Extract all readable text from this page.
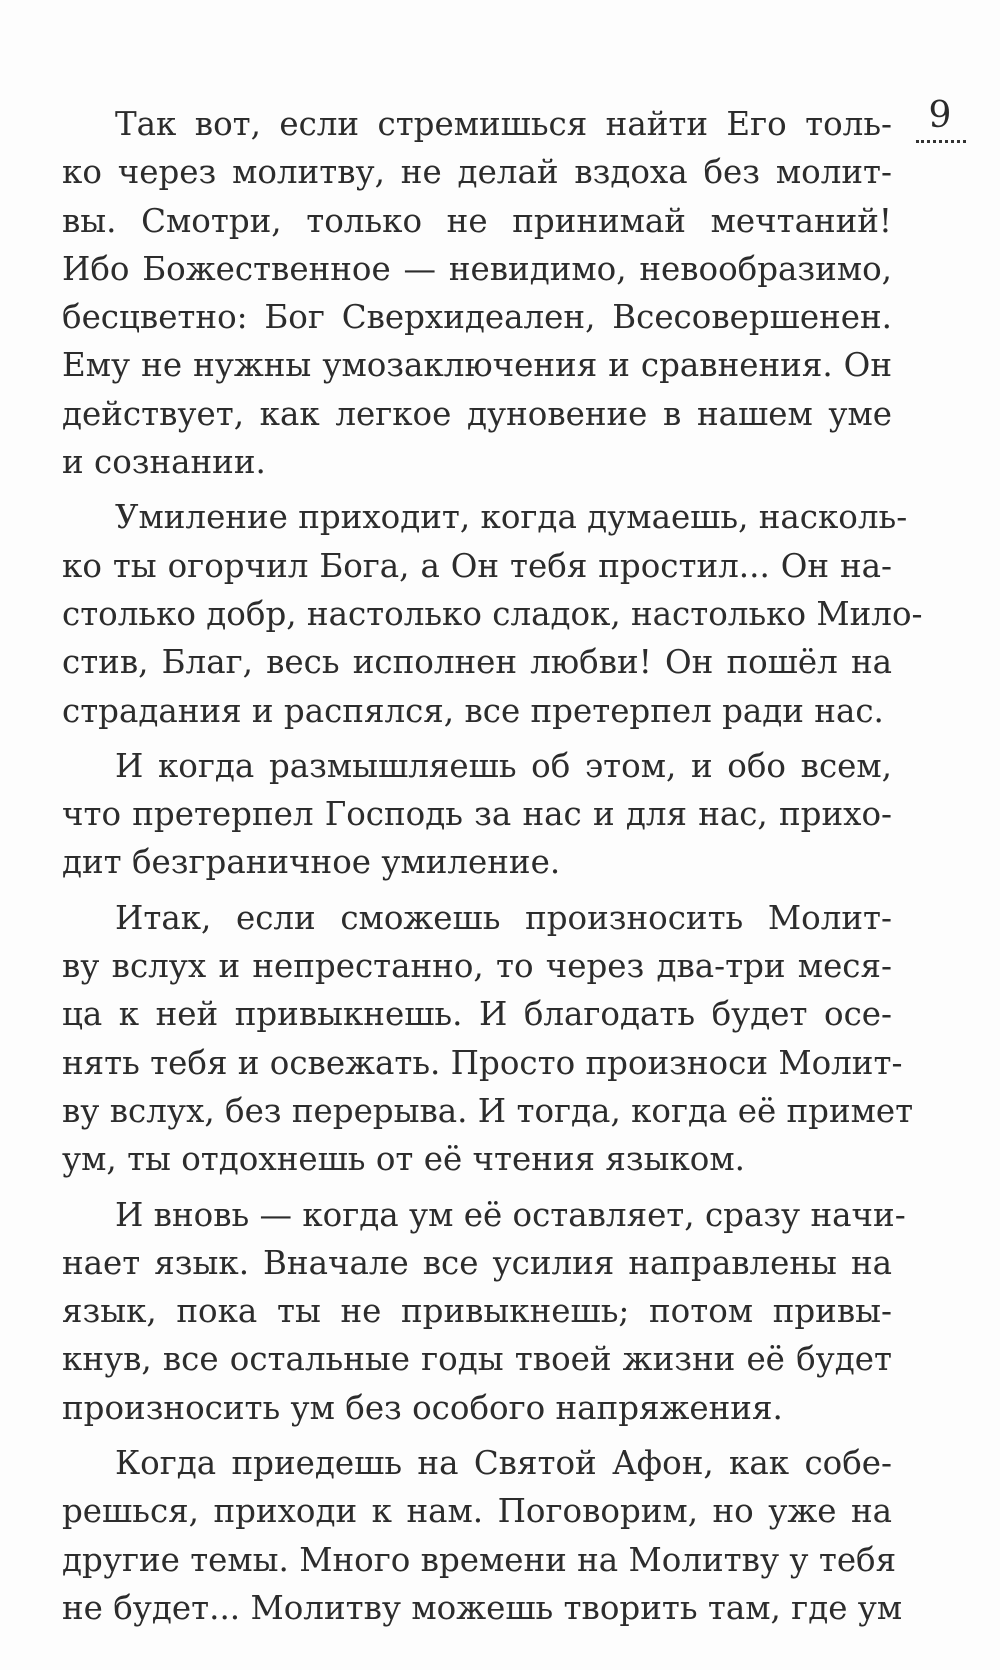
9
Так вот, если стремишься найти Его толь-
ко через молитву, не делай вздоха без молит-
вы. Смотри, только не принимай мечтаний!
Ибо Божественное — невидимо, невообразимо,
бесцветно: Бог Сверхидеален, Всесовершенен.
Ему не нужны умозаключения и сравнения. Он
действует, как легкое дуновение в нашем уме
и сознании.
Умиление приходит, когда думаешь, насколь-
ко ты огорчил Бога, а Он тебя простил... Он на-
столько добр, настолько сладок, настолько Мило-
стив, Благ, весь исполнен любви! Он пошёл на
страдания и распялся, все претерпел ради нас.
И когда размышляешь об этом, и обо всем,
что претерпел Господь за нас и для нас, прихо-
дит безграничное умиление.
Итак, если сможешь произносить Молит-
ву вслух и непрестанно, то через два-три меся-
ца к ней привыкнешь. И благодать будет осе-
нять тебя и освежать. Просто произноси Молит-
ву вслух, без перерыва. И тогда, когда её примет
ум, ты отдохнешь от её чтения языком.
И вновь — когда ум её оставляет, сразу начи-
нает язык. Вначале все усилия направлены на
язык, пока ты не привыкнешь; потом привы-
кнув, все остальные годы твоей жизни её будет
произносить ум без особого напряжения.
Когда приедешь на Святой Афон, как собе-
решься, приходи к нам. Поговорим, но уже на
другие темы. Много времени на Молитву у тебя
не будет... Молитву можешь творить там, где ум
